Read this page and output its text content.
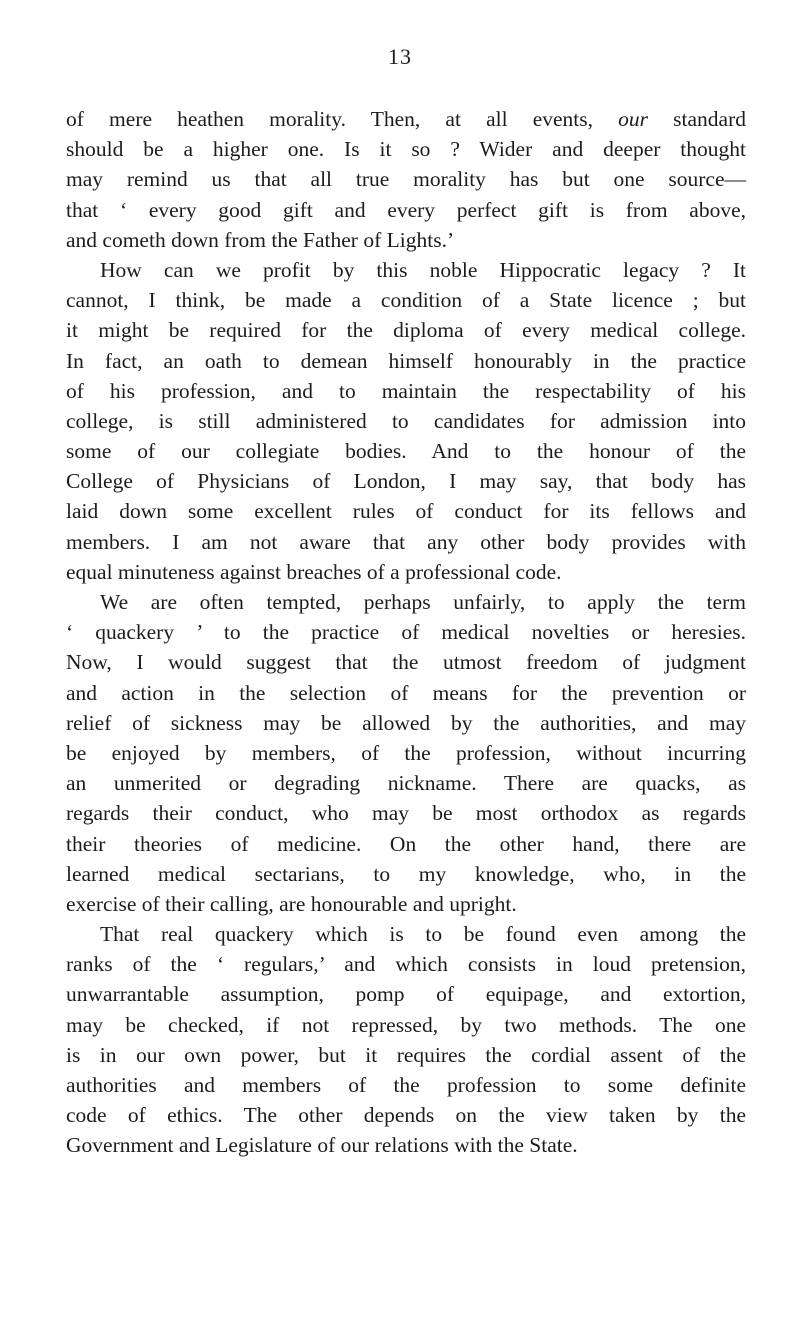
13
of mere heathen morality. Then, at all events, our standard
should be a higher one. Is it so ? Wider and deeper thought
may remind us that all true morality has but one source—
that ‘ every good gift and every perfect gift is from above,
and cometh down from the Father of Lights.’
How can we profit by this noble Hippocratic legacy ? It
cannot, I think, be made a condition of a State licence ; but
it might be required for the diploma of every medical college.
In fact, an oath to demean himself honourably in the practice
of his profession, and to maintain the respectability of his
college, is still administered to candidates for admission into
some of our collegiate bodies. And to the honour of the
College of Physicians of London, I may say, that body has
laid down some excellent rules of conduct for its fellows and
members. I am not aware that any other body provides with
equal minuteness against breaches of a professional code.
We are often tempted, perhaps unfairly, to apply the term
‘ quackery ’ to the practice of medical novelties or heresies.
Now, I would suggest that the utmost freedom of judgment
and action in the selection of means for the prevention or
relief of sickness may be allowed by the authorities, and may
be enjoyed by members, of the profession, without incurring
an unmerited or degrading nickname. There are quacks, as
regards their conduct, who may be most orthodox as regards
their theories of medicine. On the other hand, there are
learned medical sectarians, to my knowledge, who, in the
exercise of their calling, are honourable and upright.
That real quackery which is to be found even among the
ranks of the ‘ regulars,’ and which consists in loud pretension,
unwarrantable assumption, pomp of equipage, and extortion,
may be checked, if not repressed, by two methods. The one
is in our own power, but it requires the cordial assent of the
authorities and members of the profession to some definite
code of ethics. The other depends on the view taken by the
Government and Legislature of our relations with the State.
